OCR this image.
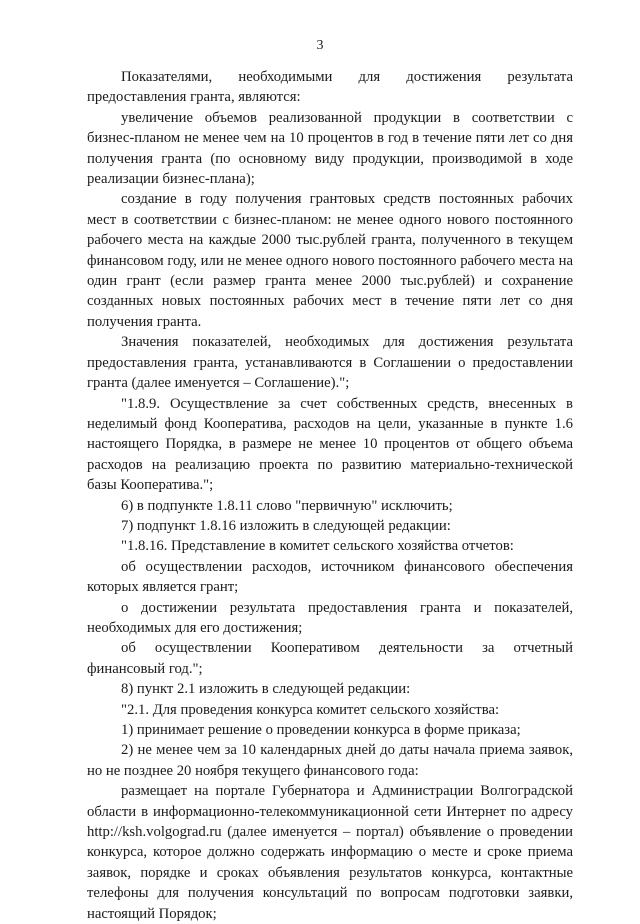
3

Показателями, необходимыми для достижения результата предоставления гранта, являются:

увеличение объемов реализованной продукции в соответствии с бизнес-планом не менее чем на 10 процентов в год в течение пяти лет со дня получения гранта (по основному виду продукции, производимой в ходе реализации бизнес-плана);

создание в году получения грантовых средств постоянных рабочих мест в соответствии с бизнес-планом: не менее одного нового постоянного рабочего места на каждые 2000 тыс.рублей гранта, полученного в текущем финансовом году, или не менее одного нового постоянного рабочего места на один грант (если размер гранта менее 2000 тыс.рублей) и сохранение созданных новых постоянных рабочих мест в течение пяти лет со дня получения гранта.

Значения показателей, необходимых для достижения результата предоставления гранта, устанавливаются в Соглашении о предоставлении гранта (далее именуется – Соглашение).";

"1.8.9. Осуществление за счет собственных средств, внесенных в неделимый фонд Кооператива, расходов на цели, указанные в пункте 1.6 настоящего Порядка, в размере не менее 10 процентов от общего объема расходов на реализацию проекта по развитию материально-технической базы Кооператива.";

6) в подпункте 1.8.11 слово "первичную" исключить;

7) подпункт 1.8.16 изложить в следующей редакции:

"1.8.16. Представление в комитет сельского хозяйства отчетов:

об осуществлении расходов, источником финансового обеспечения которых является грант;

о достижении результата предоставления гранта и показателей, необходимых для его достижения;

об осуществлении Кооперативом деятельности за отчетный финансовый год.";

8) пункт 2.1 изложить в следующей редакции:

"2.1. Для проведения конкурса комитет сельского хозяйства:

1) принимает решение о проведении конкурса в форме приказа;

2) не менее чем за 10 календарных дней до даты начала приема заявок, но не позднее 20 ноября текущего финансового года:

размещает на портале Губернатора и Администрации Волгоградской области в информационно-телекоммуникационной сети Интернет по адресу http://ksh.volgograd.ru (далее именуется – портал) объявление о проведении конкурса, которое должно содержать информацию о месте и сроке приема заявок, порядке и сроках объявления результатов конкурса, контактные телефоны для получения консультаций по вопросам подготовки заявки, настоящий Порядок;
